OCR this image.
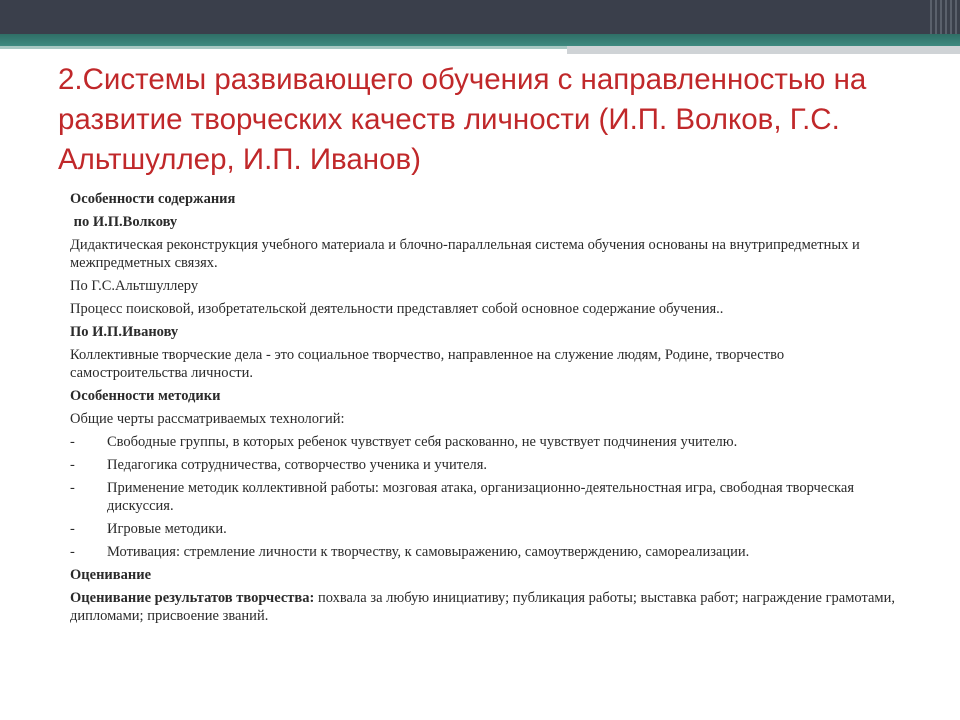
2.Системы развивающего обучения с направленностью на развитие творческих качеств личности (И.П. Волков, Г.С. Альтшуллер, И.П. Иванов)

Особенности содержания

по И.П.Волкову

Дидактическая реконструкция учебного материала и блочно-параллельная система обучения основаны на внутрипредметных и межпредметных связях.

По Г.С.Альтшуллеру

Процесс поисковой, изобретательской деятельности представляет собой основное содержание обучения..

По И.П.Иванову

Коллективные творческие дела - это социальное творчество, направленное на служение людям, Родине, творчество самостроительства личности.

Особенности методики

Общие черты рассматриваемых технологий:

-	Свободные группы, в которых ребенок чувствует себя раскованно, не чувствует подчинения учителю.
-	Педагогика сотрудничества, сотворчество ученика и учителя.
-	Применение методик коллективной работы: мозговая атака, организационно-деятельностная игра, свободная творческая дискуссия.
-	Игровые методики.
-	Мотивация: стремление личности к творчеству, к самовыражению, самоутверждению, самореализации.

Оценивание

Оценивание результатов творчества: похвала за любую инициативу; публикация работы; выставка работ; награждение грамотами, дипломами; присвоение званий.
